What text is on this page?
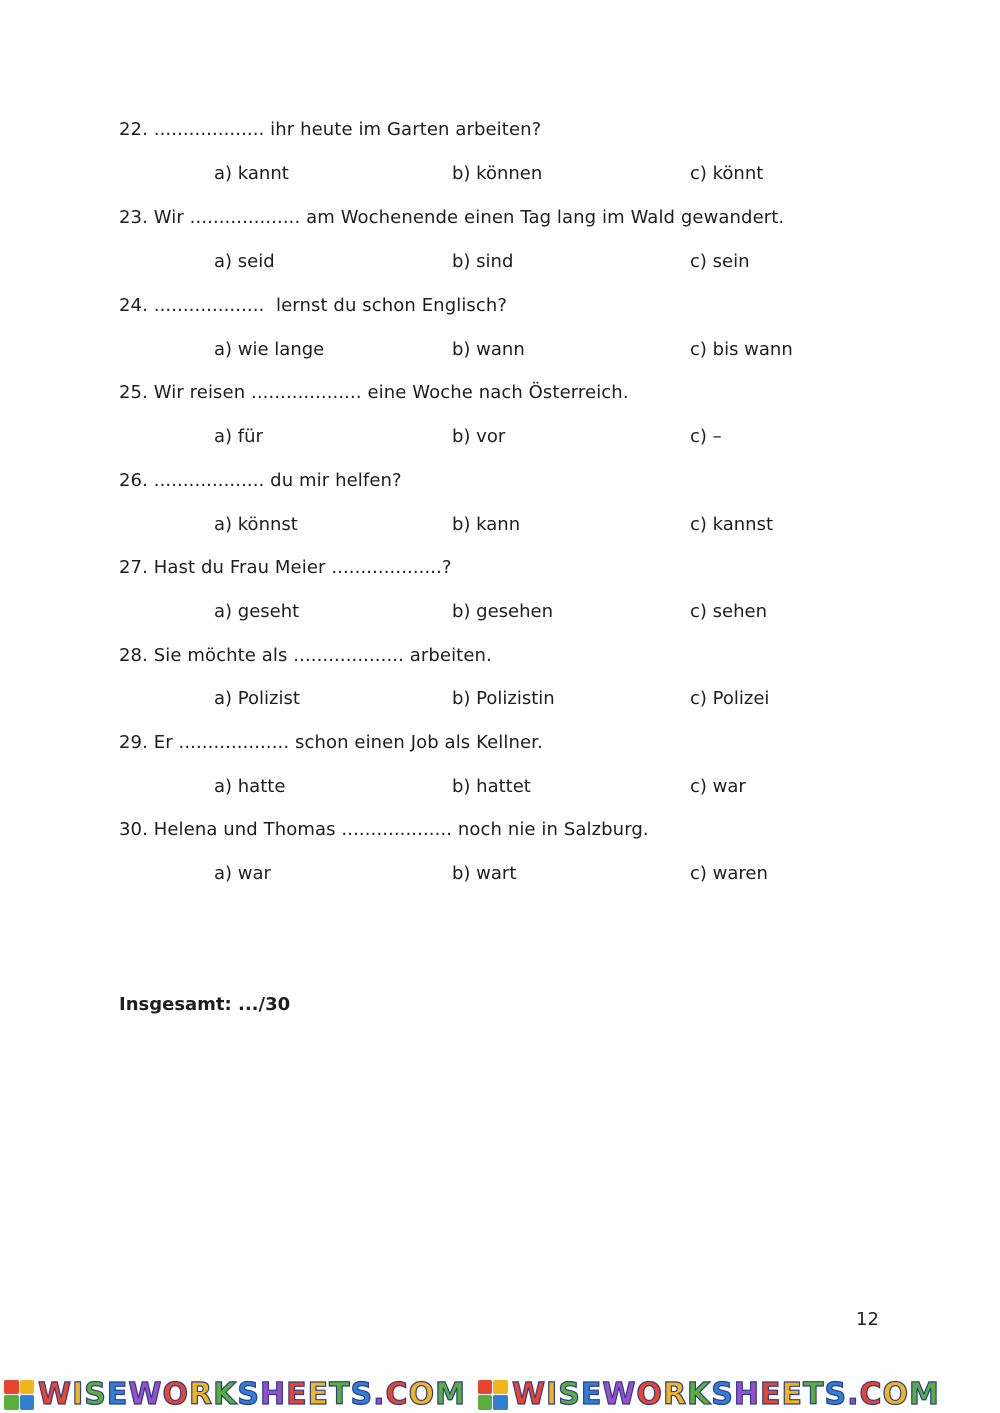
22. ................... ihr heute im Garten arbeiten?
a) kannt	b) können	c) könnt
23. Wir ................... am Wochenende einen Tag lang im Wald gewandert.
a) seid	b) sind	c) sein
24. ...................  lernst du schon Englisch?
a) wie lange	b) wann	c) bis wann
25. Wir reisen ................... eine Woche nach Österreich.
a) für	b) vor	c) –
26. ................... du mir helfen?
a) könnst	b) kann	c) kannst
27. Hast du Frau Meier ...................?
a) geseht	b) gesehen	c) sehen
28. Sie möchte als ................... arbeiten.
a) Polizist	b) Polizistin	c) Polizei
29. Er ................... schon einen Job als Kellner.
a) hatte	b) hattet	c) war
30. Helena und Thomas ................... noch nie in Salzburg.
a) war	b) wart	c) waren
Insgesamt: .../30
12
WISEWORKSHEETS.COM WISEWORKSHEETS.COM
